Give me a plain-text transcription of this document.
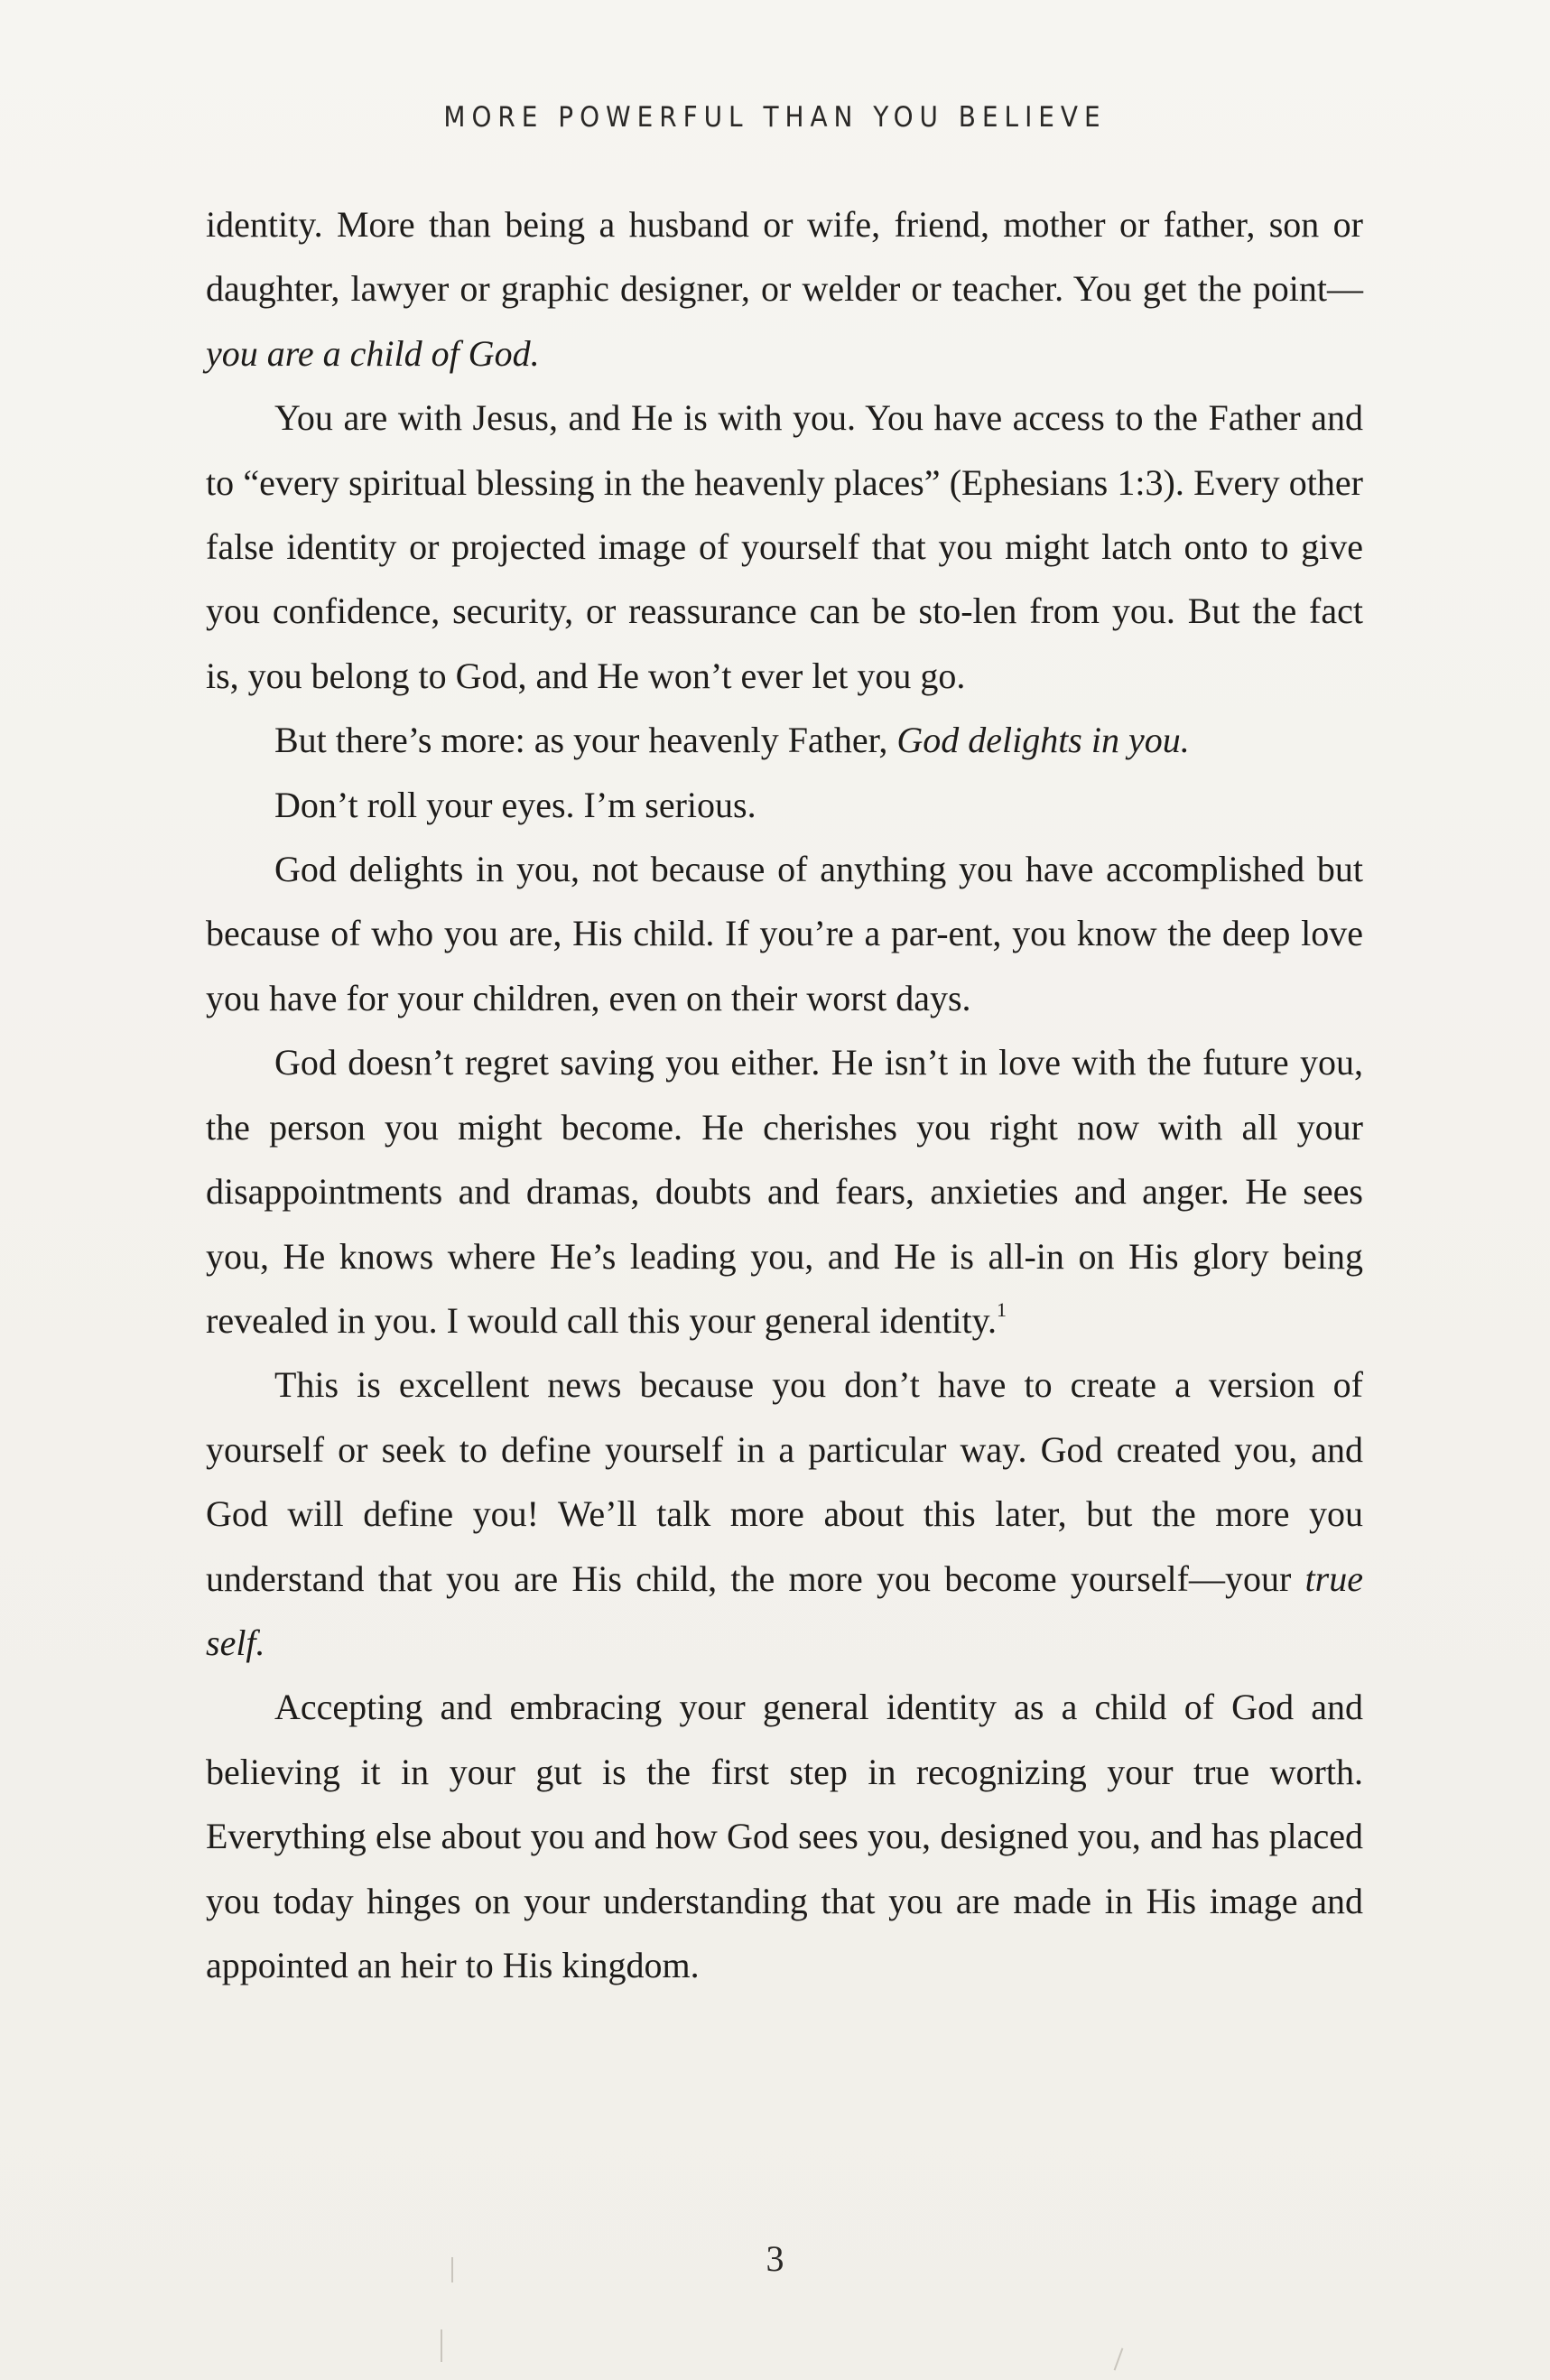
MORE POWERFUL THAN YOU BELIEVE

identity. More than being a husband or wife, friend, mother or father, son or daughter, lawyer or graphic designer, or welder or teacher. You get the point—you are a child of God.

You are with Jesus, and He is with you. You have access to the Father and to “every spiritual blessing in the heavenly places” (Ephesians 1:3). Every other false identity or projected image of yourself that you might latch onto to give you confidence, security, or reassurance can be sto-len from you. But the fact is, you belong to God, and He won’t ever let you go.

But there’s more: as your heavenly Father, God delights in you.

Don’t roll your eyes. I’m serious.

God delights in you, not because of anything you have accomplished but because of who you are, His child. If you’re a par-ent, you know the deep love you have for your children, even on their worst days.

God doesn’t regret saving you either. He isn’t in love with the future you, the person you might become. He cherishes you right now with all your disappointments and dramas, doubts and fears, anxieties and anger. He sees you, He knows where He’s leading you, and He is all-in on His glory being revealed in you. I would call this your general identity.$^1$

This is excellent news because you don’t have to create a version of yourself or seek to define yourself in a particular way. God created you, and God will define you! We’ll talk more about this later, but the more you understand that you are His child, the more you become yourself—your true self.

Accepting and embracing your general identity as a child of God and believing it in your gut is the first step in recognizing your true worth. Everything else about you and how God sees you, designed you, and has placed you today hinges on your understanding that you are made in His image and appointed an heir to His kingdom.

3
